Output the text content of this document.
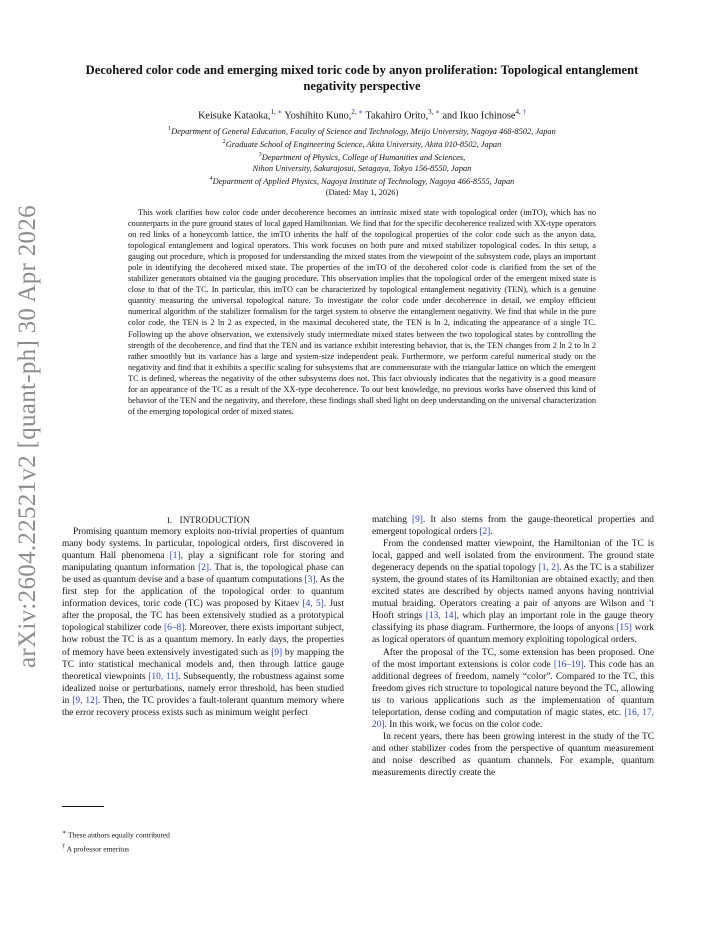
arXiv:2604.22521v2 [quant-ph] 30 Apr 2026
Decohered color code and emerging mixed toric code by anyon proliferation: Topological entanglement negativity perspective
Keisuke Kataoka,$^{1, ∗}$ Yoshihito Kuno,$^{2, ∗}$ Takahiro Orito,$^{3, ∗}$ and Ikuo Ichinose$^{4, \dagger}$
$^1$Department of General Education, Faculty of Science and Technology, Meijo University, Nagoya 468-8502, Japan
$^2$Graduate School of Engineering Science, Akita University, Akita 010-8502, Japan
$^3$Department of Physics, College of Humanities and Sciences,
Nihon University, Sakurajosui, Setagaya, Tokyo 156-8550, Japan
$^4$Department of Applied Physics, Nagoya Institute of Technology, Nagoya 466-8555, Japan
(Dated: May 1, 2026)

This work clarifies how color code under decoherence becomes an intrinsic mixed state with topological order (imTO), which has no counterparts in the pure ground states of local gaped Hamiltonian. We find that for the specific decoherence realized with XX-type operators on red links of a honeycomb lattice, the imTO inherits the half of the topological properties of the color code such as the anyon data, topological entanglement and logical operators. This work focuses on both pure and mixed stabilizer topological codes. In this setup, a gauging out procedure, which is proposed for understanding the mixed states from the viewpoint of the subsystem code, plays an important pole in identifying the decohered mixed state. The properties of the imTO of the decohered color code is clarified from the set of the stabilizer generators obtained via the gauging procedure. This observation implies that the topological order of the emergent mixed state is close to that of the TC. In particular, this imTO can be characterized by topological entanglement negativity (TEN), which is a genuine quantity measuring the universal topological nature. To investigate the color code under decoherence in detail, we employ efficient numerical algorithm of the stabilizer formalism for the target system to observe the entanglement negativity. We find that while in the pure color code, the TEN is 2 ln 2 as expected, in the maximal decohered state, the TEN is ln 2, indicating the appearance of a single TC. Following up the above observation, we extensively study intermediate mixed states between the two topological states by controlling the strength of the decoherence, and find that the TEN and its variance exhibit interesting behavior, that is, the TEN changes from 2 ln 2 to ln 2 rather smoothly but its variance has a large and system-size independent peak. Furthermore, we perform careful numerical study on the negativity and find that it exhibits a specific scaling for subsystems that are commensurate with the triangular lattice on which the emergent TC is defined, whereas the negativity of the other subsystems does not. This fact obviously indicates that the negativity is a good measure for an appearance of the TC as a result of the XX-type decoherence. To our best knowledge, no previous works have observed this kind of behavior of the TEN and the negativity, and therefore, these findings shall shed light on deep understanding on the universal characterization of the emerging topological order of mixed states.

I. INTRODUCTION

Promising quantum memory exploits non-trivial properties of quantum many body systems. In particular, topological orders, first discovered in quantum Hall phenomena [1], play a significant role for storing and manipulating quantum information [2]. That is, the topological phase can be used as quantum devise and a base of quantum computations [3]. As the first step for the application of the topological order to quantum information devices, toric code (TC) was proposed by Kitaev [4, 5]. Just after the proposal, the TC has been extensively studied as a prototypical topological stabilizer code [6–8]. Moreover, there exists important subject, how robust the TC is as a quantum memory. In early days, the properties of memory have been extensively investigated such as [9] by mapping the TC into statistical mechanical models and, then through lattice gauge theoretical viewpoints [10, 11]. Subsequently, the robustness against some idealized noise or perturbations, namely error threshold, has been studied in [9, 12]. Then, the TC provides a fault-tolerant quantum memory where the error recovery process exists such as minimum weight perfect

matching [9]. It also stems from the gauge-theoretical properties and emergent topological orders [2].

From the condensed matter viewpoint, the Hamiltonian of the TC is local, gapped and well isolated from the environment. The ground state degeneracy depends on the spatial topology [1, 2]. As the TC is a stabilizer system, the ground states of its Hamiltonian are obtained exactly, and then excited states are described by objects named anyons having nontrivial mutual braiding. Operators creating a pair of anyons are Wilson and ’t Hooft strings [13, 14], which play an important role in the gauge theory classifying its phase diagram. Furthermore, the loops of anyons [15] work as logical operators of quantum memory exploiting topological orders.

After the proposal of the TC, some extension has been proposed. One of the most important extensions is color code [16–19]. This code has an additional degrees of freedom, namely “color”. Compared to the TC, this freedom gives rich structure to topological nature beyond the TC, allowing us to various applications such as the implementation of quantum teleportation, dense coding and computation of magic states, etc. [16, 17, 20]. In this work, we focus on the color code.

In recent years, there has been growing interest in the study of the TC and other stabilizer codes from the perspective of quantum measurement and noise described as quantum channels. For example, quantum measurements directly create the

∗ These authors equally contributed
† A professor emeritus
